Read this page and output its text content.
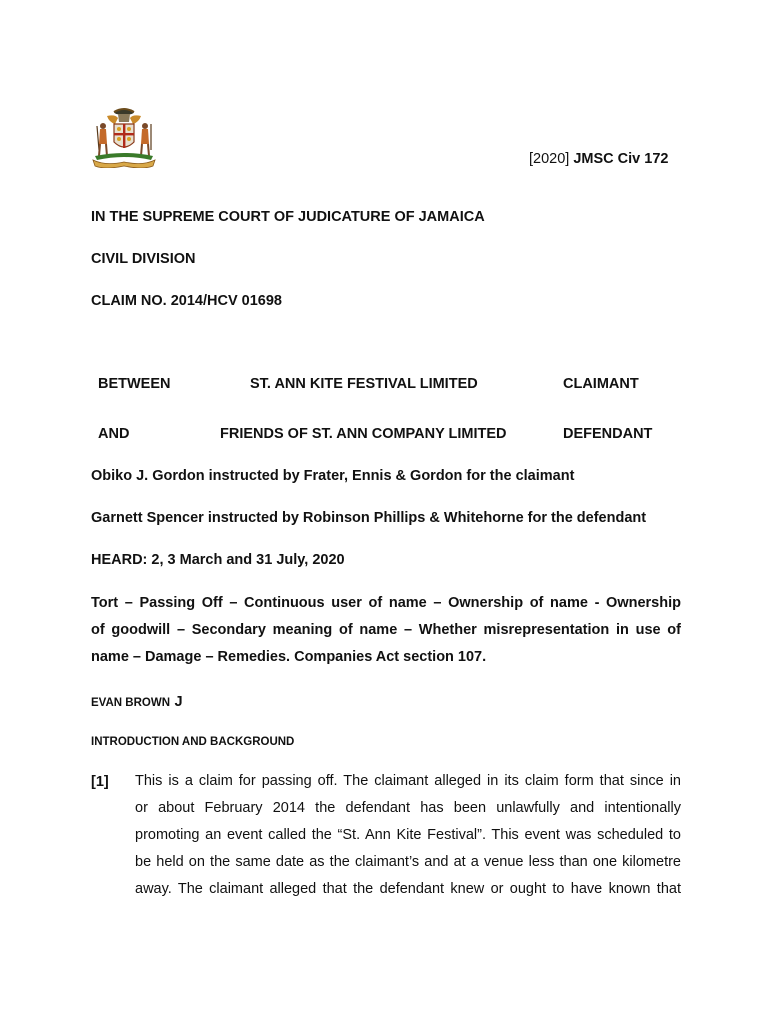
[2020] JMSC Civ 172
IN THE SUPREME COURT OF JUDICATURE OF JAMAICA
CIVIL DIVISION
CLAIM NO. 2014/HCV 01698
BETWEEN	ST. ANN KITE FESTIVAL LIMITED	CLAIMANT
AND	FRIENDS OF ST. ANN COMPANY LIMITED	DEFENDANT
Obiko J. Gordon instructed by Frater, Ennis & Gordon for the claimant
Garnett Spencer instructed by Robinson Phillips & Whitehorne for the defendant
HEARD: 2, 3 March and 31 July, 2020
Tort – Passing Off – Continuous user of name – Ownership of name - Ownership
of goodwill – Secondary meaning of name – Whether misrepresentation in use of
name – Damage – Remedies. Companies Act section 107.
EVAN BROWN J
INTRODUCTION AND BACKGROUND
[1] This is a claim for passing off. The claimant alleged in its claim form that since in
or about February 2014 the defendant has been unlawfully and intentionally
promoting an event called the “St. Ann Kite Festival”. This event was scheduled to
be held on the same date as the claimant’s and at a venue less than one kilometre
away. The claimant alleged that the defendant knew or ought to have known that
